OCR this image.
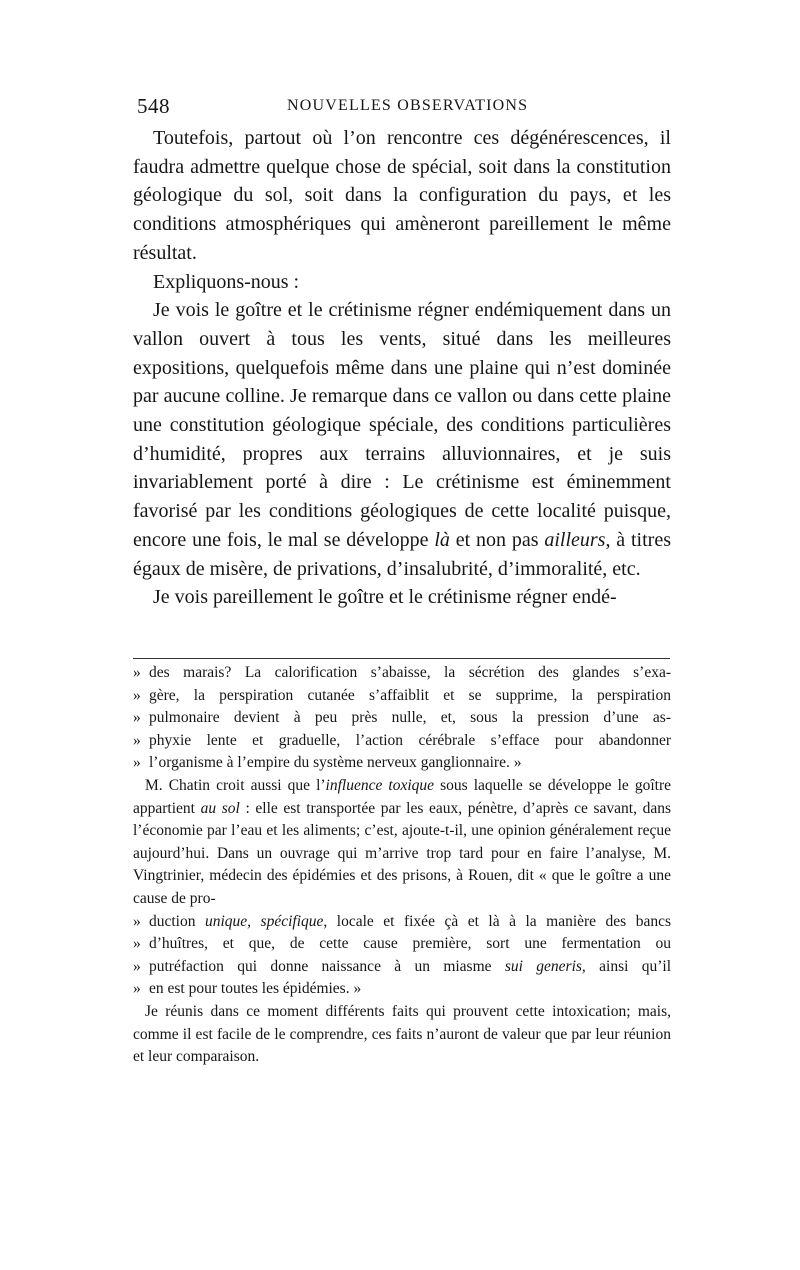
548	NOUVELLES OBSERVATIONS

Toutefois, partout où l’on rencontre ces dégénérescences, il faudra admettre quelque chose de spécial, soit dans la constitution géologique du sol, soit dans la configuration du pays, et les conditions atmosphériques qui amèneront pareillement le même résultat.

Expliquons-nous :

Je vois le goître et le crétinisme régner endémiquement dans un vallon ouvert à tous les vents, situé dans les meilleures expositions, quelquefois même dans une plaine qui n’est dominée par aucune colline. Je remarque dans ce vallon ou dans cette plaine une constitution géologique spéciale, des conditions particulières d’humidité, propres aux terrains alluvionnaires, et je suis invariablement porté à dire : Le crétinisme est éminemment favorisé par les conditions géologiques de cette localité puisque, encore une fois, le mal se développe là et non pas ailleurs, à titres égaux de misère, de privations, d’insalubrité, d’immoralité, etc.

Je vois pareillement le goître et le crétinisme régner endé-

» des marais? La calorification s’abaisse, la sécrétion des glandes s’exa-
» gère, la perspiration cutanée s’affaiblit et se supprime, la perspiration
» pulmonaire devient à peu près nulle, et, sous la pression d’une as-
» phyxie lente et graduelle, l’action cérébrale s’efface pour abandonner
» l’organisme à l’empire du système nerveux ganglionnaire. »

M. Chatin croit aussi que l’influence toxique sous laquelle se développe le goître appartient au sol : elle est transportée par les eaux, pénètre, d’après ce savant, dans l’économie par l’eau et les aliments; c’est, ajoute-t-il, une opinion généralement reçue aujourd’hui. Dans un ouvrage qui m’arrive trop tard pour en faire l’analyse, M. Vingtrinier, médecin des épidémies et des prisons, à Rouen, dit « que le goître a une cause de pro-

» duction unique, spécifique, locale et fixée çà et là à la manière des bancs
» d’huîtres, et que, de cette cause première, sort une fermentation ou
» putréfaction qui donne naissance à un miasme sui generis, ainsi qu’il
» en est pour toutes les épidémies. »

Je réunis dans ce moment différents faits qui prouvent cette intoxication; mais, comme il est facile de le comprendre, ces faits n’auront de valeur que par leur réunion et leur comparaison.
